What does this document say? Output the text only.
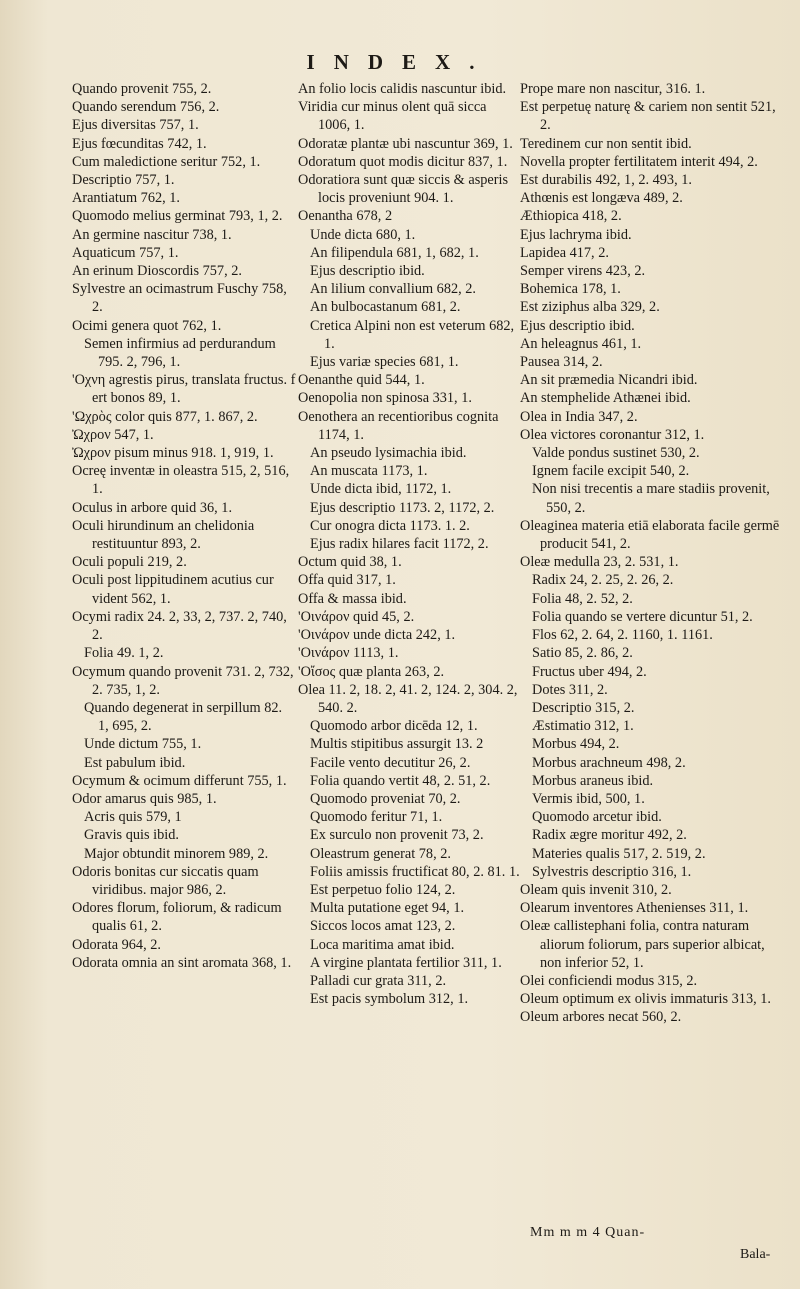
INDEX.
Quando provenit 755, 2.
Quando serendum 756, 2.
Ejus diversitas 757, 1.
Ejus fœcunditas 742, 1.
Cum maledictione seritur 752, 1.
Descriptio 757, 1.
Arantiatum 762, 1.
Quomodo melius germinat 793, 1, 2.
An germine nascitur 738, 1.
Aquaticum 757, 1.
An erinum Dioscordis 757, 2.
Sylvestre an ocimastrum Fuschy 758, 2.
Ocimi genera quot 762, 1.
Semen infirmius ad perdurandum 795. 2, 796, 1.
'Οχνη agrestis pirus, translata fructus. f ert bonos 89, 1.
'Ωχρὸς color quis 877, 1. 867, 2.
Ὠχρον 547, 1.
Ὠχρον pisum minus 918. 1, 919, 1.
Ocreę inventæ in oleastra 515, 2, 516, 1.
Oculus in arbore quid 36, 1.
Oculi hirundinum an chelidonia restituuntur 893, 2.
Oculi populi 219, 2.
Oculi post lippitudinem acutius cur vident 562, 1.
Ocymi radix 24. 2, 33, 2, 737. 2, 740, 2.
Folia 49. 1, 2.
Ocymum quando provenit 731. 2, 732, 2. 735, 1, 2.
Quando degenerat in serpillum 82. 1, 695, 2.
Unde dictum 755, 1.
Est pabulum ibid.
Ocymum & ocimum differunt 755, 1.
Odor amarus quis 985, 1.
Acris quis 579, 1
Gravis quis ibid.
Major obtundit minorem 989, 2.
Odoris bonitas cur siccatis quam viridibus. major 986, 2.
Odores florum, foliorum, & radicum qualis 61, 2.
Odorata 964, 2.
Odorata omnia an sint aromata 368, 1.
An folio locis calidis nascuntur ibid.
Viridia cur minus olent quā sicca 1006, 1.
Odoratæ plantæ ubi nascuntur 369, 1.
Odoratum quot modis dicitur 837, 1.
Odoratiora sunt quæ siccis & asperis locis proveniunt 904. 1.
Oenantha 678, 2
Unde dicta 680, 1.
An filipendula 681, 1, 682, 1.
Ejus descriptio ibid.
An lilium convallium 682, 2.
An bulbocastanum 681, 2.
Cretica Alpini non est veterum 682, 1.
Ejus variæ species 681, 1.
Oenanthe quid 544, 1.
Oenopolia non spinosa 331, 1.
Oenothera an recentioribus cognita 1174, 1.
An pseudo lysimachia ibid.
An muscata 1173, 1.
Unde dicta ibid, 1172, 1.
Ejus descriptio 1173. 2, 1172, 2.
Cur onogra dicta 1173. 1. 2.
Ejus radix hilares facit 1172, 2.
Octum quid 38, 1.
Offa quid 317, 1.
Offa & massa ibid.
'Οινάρον quid 45, 2.
'Οινάρον unde dicta 242, 1.
'Οινάρον 1113, 1.
'Οἴσος quæ planta 263, 2.
Olea 11. 2, 18. 2, 41. 2, 124. 2, 304. 2, 540. 2.
Quomodo arbor dicēda 12, 1.
Multis stipitibus assurgit 13. 2
Facile vento decutitur 26, 2.
Folia quando vertit 48, 2. 51, 2.
Quomodo proveniat 70, 2.
Quomodo feritur 71, 1.
Ex surculo non provenit 73, 2.
Oleastrum generat 78, 2.
Foliis amissis fructificat 80, 2. 81. 1.
Est perpetuo folio 124, 2.
Multa putatione eget 94, 1.
Siccos locos amat 123, 2.
Loca maritima amat ibid.
A virgine plantata fertilior 311, 1.
Palladi cur grata 311, 2.
Est pacis symbolum 312, 1.
Prope mare non nascitur, 316. 1.
Est perpetuę naturę & cariem non sentit 521, 2.
Teredinem cur non sentit ibid.
Novella propter fertilitatem interit 494, 2.
Est durabilis 492, 1, 2. 493, 1.
Athœnis est longæva 489, 2.
Æthiopica 418, 2.
Ejus lachryma ibid.
Lapidea 417, 2.
Semper virens 423, 2.
Bohemica 178, 1.
Est ziziphus alba 329, 2.
Ejus descriptio ibid.
An heleagnus 461, 1.
Pausea 314, 2.
An sit præmedia Nicandri ibid.
An stemphelide Athænei ibid.
Olea in India 347, 2.
Olea victores coronantur 312, 1.
Valde pondus sustinet 530, 2.
Ignem facile excipit 540, 2.
Non nisi trecentis a mare stadiis provenit, 550, 2.
Oleaginea materia etiā elaborata facile germē producit 541, 2.
Oleæ medulla 23, 2. 531, 1.
Radix 24, 2. 25, 2. 26, 2.
Folia 48, 2. 52, 2.
Folia quando se vertere dicuntur 51, 2.
Flos 62, 2. 64, 2. 1160, 1. 1161.
Satio 85, 2. 86, 2.
Fructus uber 494, 2.
Dotes 311, 2.
Descriptio 315, 2.
Æstimatio 312, 1.
Morbus 494, 2.
Morbus arachneum 498, 2.
Morbus araneus ibid.
Vermis ibid, 500, 1.
Quomodo arcetur ibid.
Radix ægre moritur 492, 2.
Materies qualis 517, 2. 519, 2.
Sylvestris descriptio 316, 1.
Oleam quis invenit 310, 2.
Olearum inventores Athenienses 311, 1.
Oleæ callistephani folia, contra naturam aliorum foliorum, pars superior albicat, non inferior 52, 1.
Olei conficiendi modus 315, 2.
Oleum optimum ex olivis immaturis 313, 1.
Oleum arbores necat 560, 2.
Mm m m 4 Quan-
Bala-
